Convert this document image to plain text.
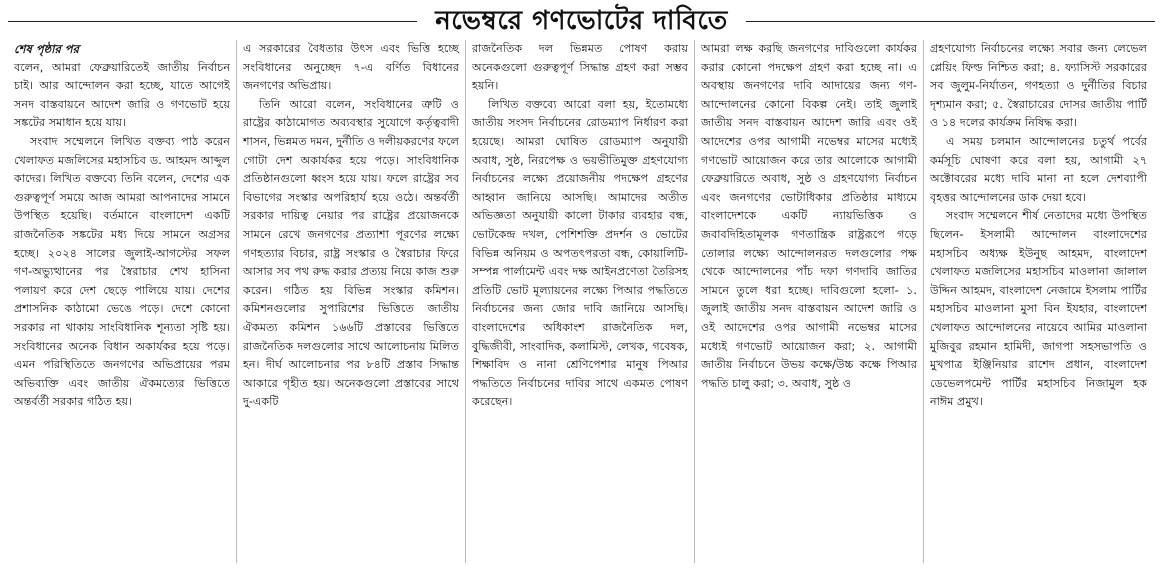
নভেম্বরে গণভোটের দাবিতে
শেষ পৃষ্ঠার পর

বলেন, আমরা ফেব্রুয়ারিতেই জাতীয় নির্বাচন চাই। আর আন্দোলন করা হচ্ছে, যাতে আগেই সনদ বাস্তবায়নে আদেশ জারি ও গণভোট হয়ে সঙ্কটের সমাধান হয়ে যায়।

সংবাদ সম্মেলনে লিখিত বক্তব্য পাঠ করেন খেলাফত মজলিসের মহাসচিব ড. আহমদ আব্দুল কাদের। লিখিত বক্তব্যে তিনি বলেন, দেশের এক গুরুত্বপূর্ণ সময়ে আজ আমরা আপনাদের সামনে উপস্থিত হয়েছি। বর্তমানে বাংলাদেশ একটি রাজনৈতিক সঙ্কটের মধ্য দিয়ে সামনে অগ্রসর হচ্ছে। ২০২৪ সালের জুলাই-আগস্টের সফল গণ-অভ্যুত্থানের পর স্বৈরাচার শেখ হাসিনা পলায়ণ করে দেশ ছেড়ে পালিয়ে যায়। দেশের প্রশাসনিক কাঠামো ভেঙে পড়ে। দেশে কোনো সরকার না থাকায় সাংবিধানিক শূন্যতা সৃষ্টি হয়। সংবিধানের অনেক বিধান অকার্যকর হয়ে পড়ে। এমন পরিস্থিতিতে জনগণের অভিপ্রায়ের পরম অভিব্যক্তি এবং জাতীয় ঐকমত্যের ভিত্তিতে অন্তর্বর্তী সরকার গঠিত হয়।

এ সরকারের বৈধতার উৎস এবং ভিত্তি হচ্ছে সংবিধানের অনুচ্ছেদ ৭-এ বর্ণিত বিধানের জনগণের অভিপ্রায়।

তিনি আরো বলেন, সংবিধানের ত্রুটি ও রাষ্ট্রের কাঠামোগত অব্যবস্থার সুযোগে কর্তৃত্ববাদী শাসন, ভিন্নমত দমন, দুর্নীতি ও দলীয়করণের ফলে গোটা দেশ অকার্যকর হয়ে পড়ে। সাংবিধানিক প্রতিষ্ঠানগুলো ধ্বংস হয়ে যায়। ফলে রাষ্ট্রের সব বিভাগের সংস্কার অপরিহার্য হয়ে ওঠে। অন্তর্বর্তী সরকার দায়িত্ব নেয়ার পর রাষ্ট্রের প্রয়োজনকে সামনে রেখে জনগণের প্রত্যাশা পূরণের লক্ষ্যে গণহত্যার বিচার, রাষ্ট্র সংস্কার ও স্বৈরাচার ফিরে আসার সব পথ রুদ্ধ করার প্রত্যয় নিয়ে কাজ শুরু করেন। গঠিত হয় বিভিন্ন সংস্কার কমিশন। কমিশনগুলোর সুপারিশের ভিত্তিতে জাতীয় ঐকমত্য কমিশন ১৬৬টি প্রস্তাবের ভিত্তিতে রাজনৈতিক দলগুলোর সাথে আলোচনায় মিলিত হন। দীর্ঘ আলোচনার পর ৮৪টি প্রস্তাব সিদ্ধান্ত আকারে গৃহীত হয়। অনেকগুলো প্রস্তাবের সাথে দু-একটি

রাজনৈতিক দল ভিন্নমত পোষণ করায় অনেকগুলো গুরুত্বপূর্ণ সিদ্ধান্ত গ্রহণ করা সম্ভব হয়নি।

লিখিত বক্তব্যে আরো বলা হয়, ইতোমধ্যে জাতীয় সংসদ নির্বাচনের রোডম্যাপ নির্ধারণ করা হয়েছে। আমরা ঘোষিত রোডম্যাপ অনুযায়ী অবাধ, সুষ্ঠ, নিরপেক্ষ ও ভয়ভীতিমুক্ত গ্রহণযোগ্য নির্বাচনের লক্ষ্যে প্রয়োজনীয় পদক্ষেপ গ্রহণের আহ্বান জানিয়ে আসছি। আমাদের অতীত অভিজ্ঞতা অনুযায়ী কালো টাকার ব্যবহার বন্ধ, ভোটকেন্দ্র দখল, পেশিশক্তি প্রদর্শন ও ভোটের বিভিন্ন অনিয়ম ও অপতৎপরতা বন্ধ, কোয়ালিটি-সম্পন্ন পার্লামেন্ট এবং দক্ষ আইনপ্রণেতা তৈরিসহ প্রতিটি ভোট মূল্যায়নের লক্ষ্যে পিআর পদ্ধতিতে নির্বাচনের জন্য জোর দাবি জানিয়ে আসছি। বাংলাদেশের অধিকাংশ রাজনৈতিক দল, বুদ্ধিজীবী, সাংবাদিক, কলামিস্ট, লেখক, গবেষক, শিক্ষাবিদ ও নানা শ্রেণিপেশার মানুষ পিআর পদ্ধতিতে নির্বাচনের দাবির সাথে একমত পোষণ করেছেন।

আমরা লক্ষ করছি জনগণের দাবিগুলো কার্যকর করার কোনো পদক্ষেপ গ্রহণ করা হচ্ছে না। এ অবস্থায় জনগণের দাবি আদায়ের জন্য গণ-আন্দোলনের কোনো বিকল্প নেই। তাই জুলাই জাতীয় সনদ বাস্তবায়ন আদেশ জারি এবং ওই আদেশের ওপর আগামী নভেম্বর মাসের মধ্যেই গণভোট আয়োজন করে তার আলোকে আগামী ফেব্রুয়ারিতে অবাধ, সুষ্ঠ ও গ্রহণযোগ্য নির্বাচন এবং জনগণের ভোটাধিকার প্রতিষ্ঠার মাধ্যমে বাংলাদেশকে একটি ন্যায়ভিত্তিক ও জবাবদিহিতামূলক গণতান্ত্রিক রাষ্ট্ররূপে গড়ে তোলার লক্ষ্যে আন্দোলনরত দলগুলোর পক্ষ থেকে আন্দোলনের পাঁচ দফা গণদাবি জাতির সামনে তুলে ধরা হচ্ছে। দাবিগুলো হলো- ১. জুলাই জাতীয় সনদ বাস্তবায়ন আদেশ জারি ও ওই আদেশের ওপর আগামী নভেম্বর মাসের মধ্যেই গণভোট আয়োজন করা; ২. আগামী জাতীয় নির্বাচনে উভয় কক্ষে/উচ্চ কক্ষে পিআর পদ্ধতি চালু করা; ৩. অবাধ, সুষ্ঠ ও

গ্রহণযোগ্য নির্বাচনের লক্ষ্যে সবার জন্য লেভেল প্লেয়িং ফিল্ড নিশ্চিত করা; ৪. ফ্যাসিস্ট সরকারের সব জুলুম-নির্যাতন, গণহত্যা ও দুর্নীতির বিচার দৃশ্যমান করা; ৫. স্বৈরাচারের দোসর জাতীয় পার্টি ও ১৪ দলের কার্যক্রম নিষিদ্ধ করা।

এ সময় চলমান আন্দোলনের চতুর্থ পর্বের কর্মসূচি ঘোষণা করে বলা হয়, আগামী ২৭ অক্টোবরের মধ্যে দাবি মানা না হলে দেশব্যাপী বৃহত্তর আন্দোলনের ডাক দেয়া হবে।

সংবাদ সম্মেলনে শীর্ষ নেতাদের মধ্যে উপস্থিত ছিলেন- ইসলামী আন্দোলন বাংলাদেশের মহাসচিব অধ্যক্ষ ইউনুছ আহমদ, বাংলাদেশ খেলাফত মজলিসের মহাসচিব মাওলানা জালাল উদ্দিন আহমদ, বাংলাদেশ নেজামে ইসলাম পার্টির মহাসচিব মাওলানা মুসা বিন ইযহার, বাংলাদেশ খেলাফত আন্দোলনের নায়েবে আমির মাওলানা মুজিবুর রহমান হামিদী, জাগপা সহসভাপতি ও মুখপাত্র ইঞ্জিনিয়ার রাশেদ প্রধান, বাংলাদেশ ডেভেলপমেন্ট পার্টির মহাসচিব নিজামুল হক নাঈম প্রমুখ।
